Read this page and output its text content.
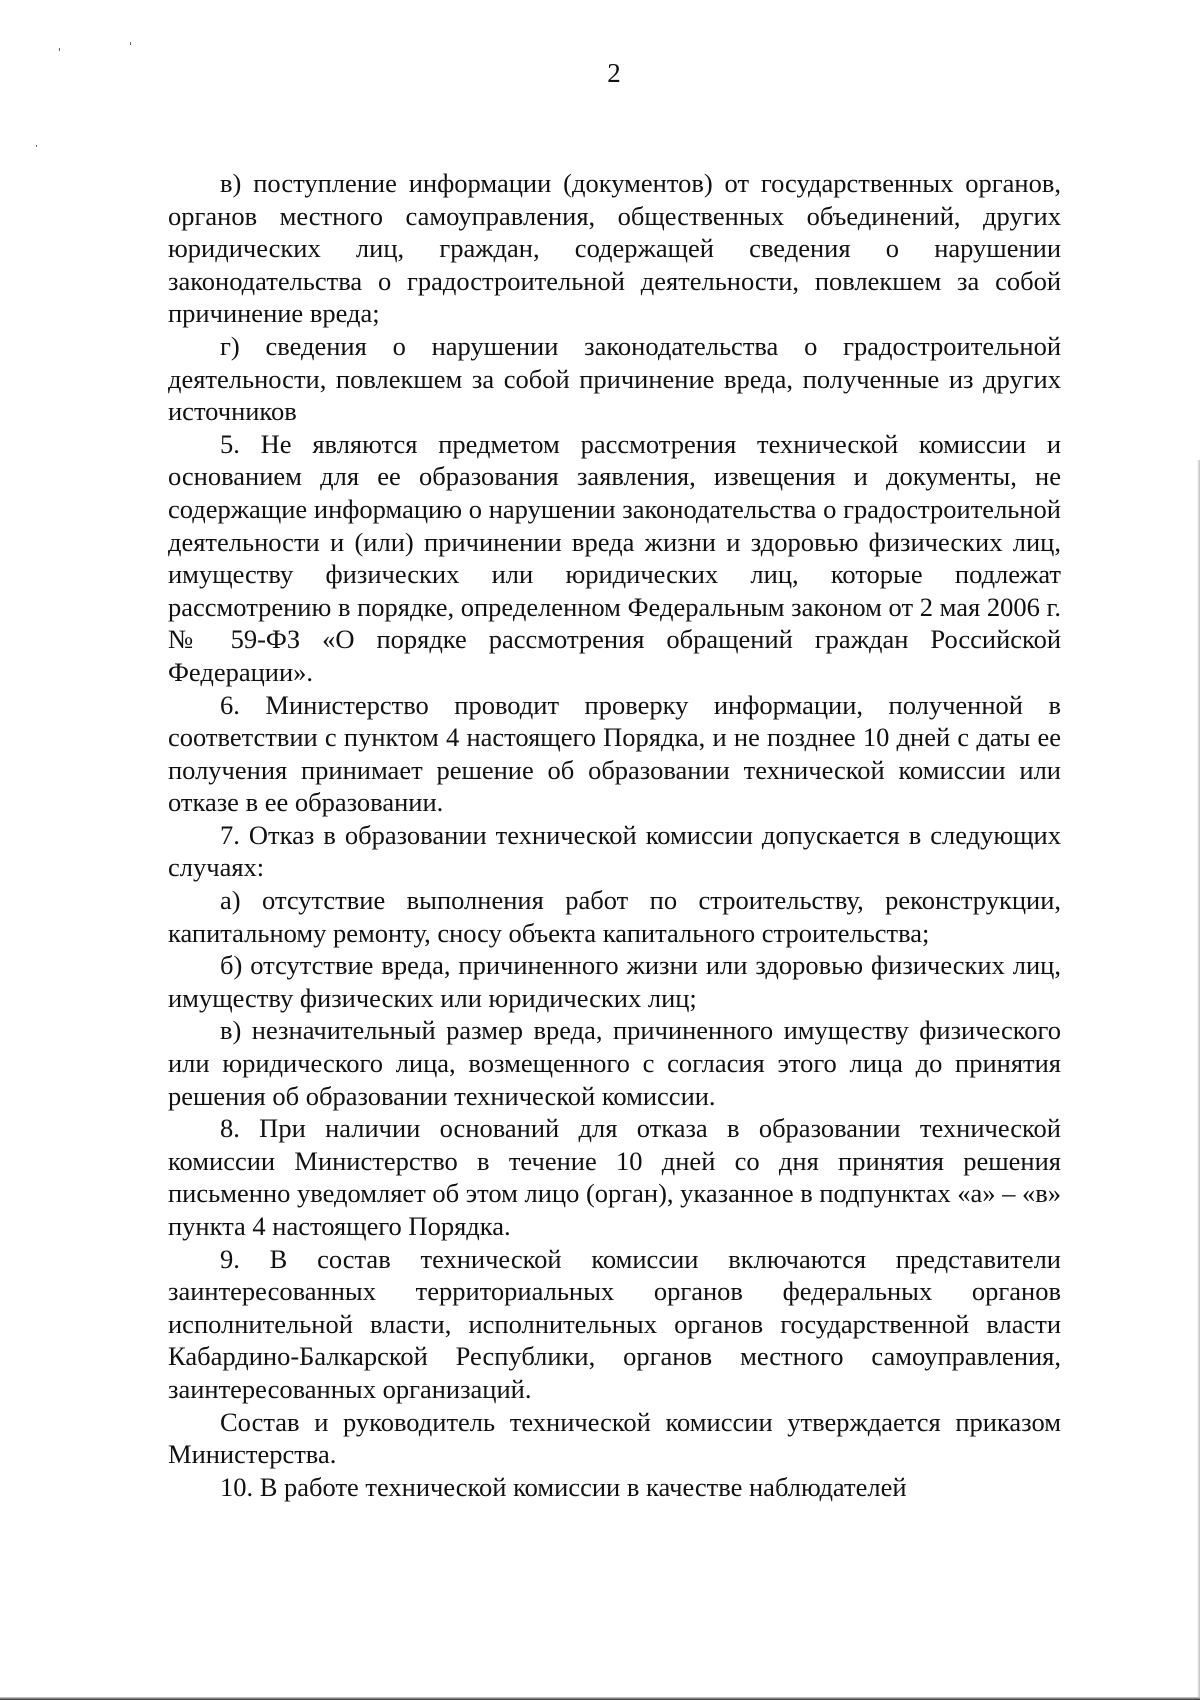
2

в) поступление информации (документов) от государственных органов, органов местного самоуправления, общественных объединений, других юридических лиц, граждан, содержащей сведения о нарушении законодательства о градостроительной деятельности, повлекшем за собой причинение вреда;

г) сведения о нарушении законодательства о градостроительной деятельности, повлекшем за собой причинение вреда, полученные из других источников

5. Не являются предметом рассмотрения технической комиссии и основанием для ее образования заявления, извещения и документы, не содержащие информацию о нарушении законодательства о градостроительной деятельности и (или) причинении вреда жизни и здоровью физических лиц, имуществу физических или юридических лиц, которые подлежат рассмотрению в порядке, определенном Федеральным законом от 2 мая 2006 г. № 59-ФЗ «О порядке рассмотрения обращений граждан Российской Федерации».

6. Министерство проводит проверку информации, полученной в соответствии с пунктом 4 настоящего Порядка, и не позднее 10 дней с даты ее получения принимает решение об образовании технической комиссии или отказе в ее образовании.

7. Отказ в образовании технической комиссии допускается в следующих случаях:

а) отсутствие выполнения работ по строительству, реконструкции, капитальному ремонту, сносу объекта капитального строительства;

б) отсутствие вреда, причиненного жизни или здоровью физических лиц, имуществу физических или юридических лиц;

в) незначительный размер вреда, причиненного имуществу физического или юридического лица, возмещенного с согласия этого лица до принятия решения об образовании технической комиссии.

8. При наличии оснований для отказа в образовании технической комиссии Министерство в течение 10 дней со дня принятия решения письменно уведомляет об этом лицо (орган), указанное в подпунктах «а» – «в» пункта 4 настоящего Порядка.

9. В состав технической комиссии включаются представители заинтересованных территориальных органов федеральных органов исполнительной власти, исполнительных органов государственной власти Кабардино-Балкарской Республики, органов местного самоуправления, заинтересованных организаций.

Состав и руководитель технической комиссии утверждается приказом Министерства.

10. В работе технической комиссии в качестве наблюдателей
